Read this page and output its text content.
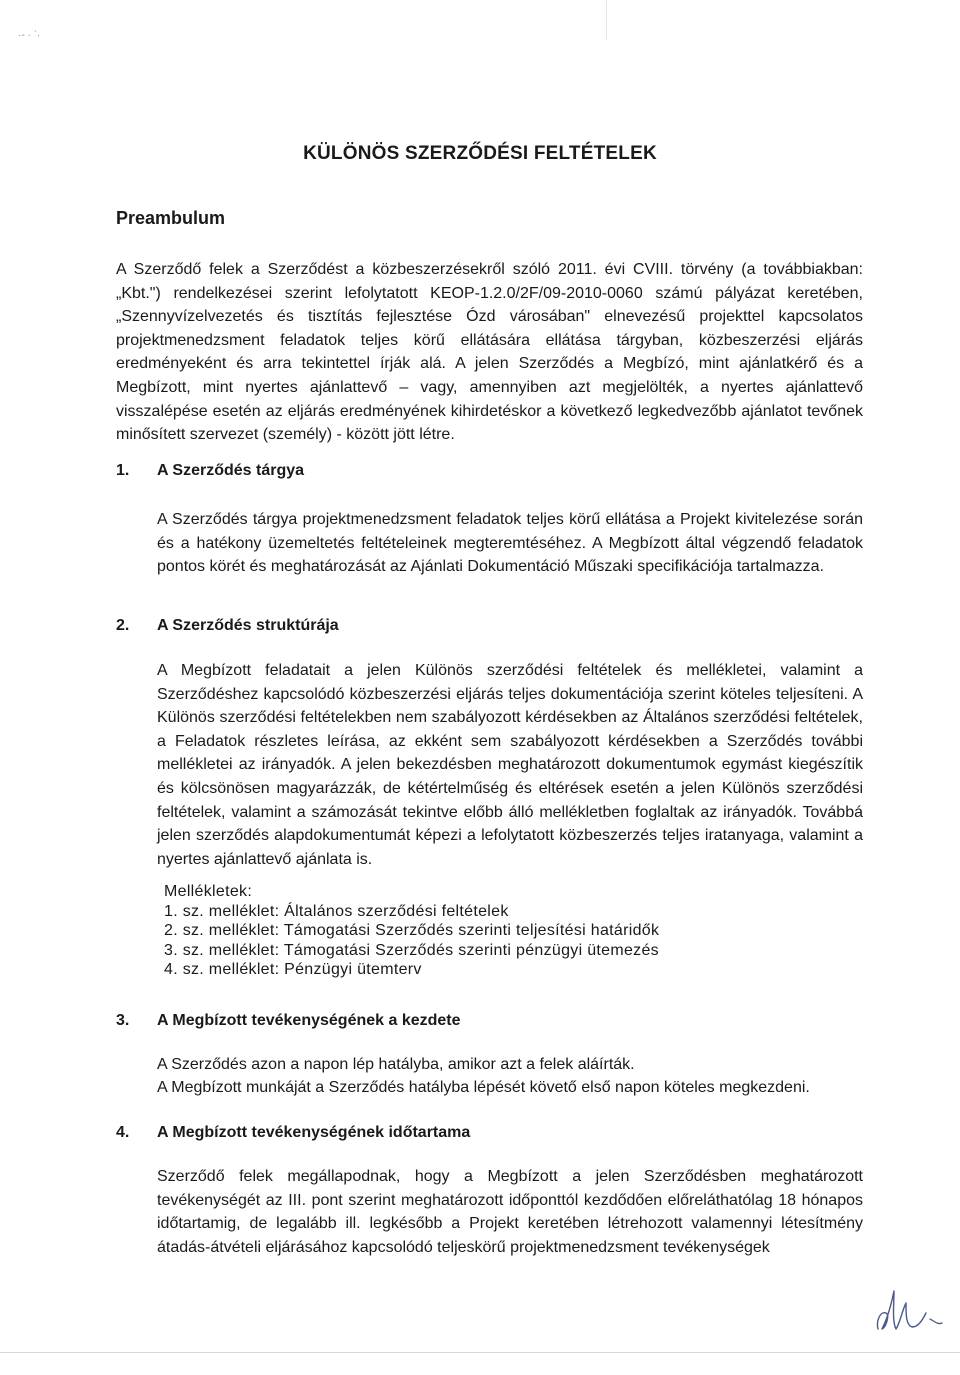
·‐ · ˈ·
KÜLÖNÖS SZERZŐDÉSI FELTÉTELEK
Preambulum

A Szerződő felek a Szerződést a közbeszerzésekről szóló 2011. évi CVIII. törvény (a továbbiakban: „Kbt.") rendelkezései szerint lefolytatott KEOP-1.2.0/2F/09-2010-0060 számú pályázat keretében, „Szennyvízelvezetés és tisztítás fejlesztése Ózd városában" elnevezésű projekttel kapcsolatos projektmenedzsment feladatok teljes körű ellátására ellátása tárgyban, közbeszerzési eljárás eredményeként és arra tekintettel írják alá. A jelen Szerződés a Megbízó, mint ajánlatkérő és a Megbízott, mint nyertes ajánlattevő – vagy, amennyiben azt megjelölték, a nyertes ajánlattevő visszalépése esetén az eljárás eredményének kihirdetéskor a következő legkedvezőbb ajánlatot tevőnek minősített szervezet (személy) - között jött létre.

1.	A Szerződés tárgya

A Szerződés tárgya projektmenedzsment feladatok teljes körű ellátása a Projekt kivitelezése során és a hatékony üzemeltetés feltételeinek megteremtéséhez. A Megbízott által végzendő feladatok pontos körét és meghatározását az Ajánlati Dokumentáció Műszaki specifikációja tartalmazza.

2.	A Szerződés struktúrája

A Megbízott feladatait a jelen Különös szerződési feltételek és mellékletei, valamint a Szerződéshez kapcsolódó közbeszerzési eljárás teljes dokumentációja szerint köteles teljesíteni. A Különös szerződési feltételekben nem szabályozott kérdésekben az Általános szerződési feltételek, a Feladatok részletes leírása, az ekként sem szabályozott kérdésekben a Szerződés további mellékletei az irányadók. A jelen bekezdésben meghatározott dokumentumok egymást kiegészítik és kölcsönösen magyarázzák, de kétértelműség és eltérések esetén a jelen Különös szerződési feltételek, valamint a számozását tekintve előbb álló mellékletben foglaltak az irányadók. Továbbá jelen szerződés alapdokumentumát képezi a lefolytatott közbeszerzés teljes iratanyaga, valamint a nyertes ajánlattevő ajánlata is.

Mellékletek:
1. sz. melléklet: Általános szerződési feltételek
2. sz. melléklet: Támogatási Szerződés szerinti teljesítési határidők
3. sz. melléklet: Támogatási Szerződés szerinti pénzügyi ütemezés
4. sz. melléklet: Pénzügyi ütemterv
3.	A Megbízott tevékenységének a kezdete

A Szerződés azon a napon lép hatályba, amikor azt a felek aláírták.

A Megbízott munkáját a Szerződés hatályba lépését követő első napon köteles megkezdeni.

4.	A Megbízott tevékenységének időtartama

Szerződő felek megállapodnak, hogy a Megbízott a jelen Szerződésben meghatározott tevékenységét az III. pont szerint meghatározott időponttól kezdődően előreláthatólag 18 hónapos időtartamig, de legalább ill. legkésőbb a Projekt keretében létrehozott valamennyi létesítmény átadás-átvételi eljárásához kapcsolódó teljeskörű projektmenedzsment tevékenységek
